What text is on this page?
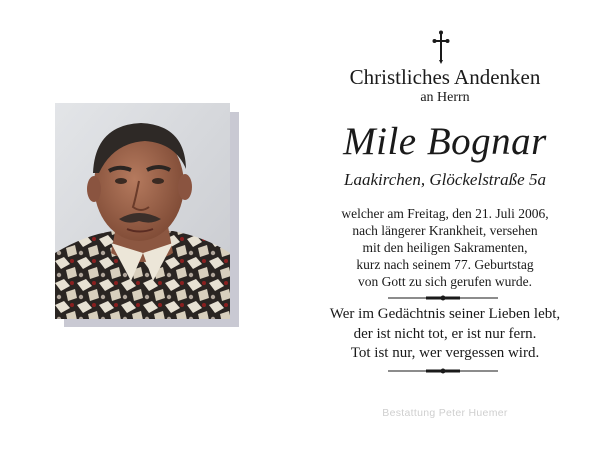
Christliches Andenken
an Herrn
Mile Bognar
Laakirchen, Glöckelstraße 5a
welcher am Freitag, den 21. Juli 2006,
nach längerer Krankheit, versehen
mit den heiligen Sakramenten,
kurz nach seinem 77. Geburtstag
von Gott zu sich gerufen wurde.
Wer im Gedächtnis seiner Lieben lebt,
der ist nicht tot, er ist nur fern.
Tot ist nur, wer vergessen wird.
Bestattung Peter Huemer
